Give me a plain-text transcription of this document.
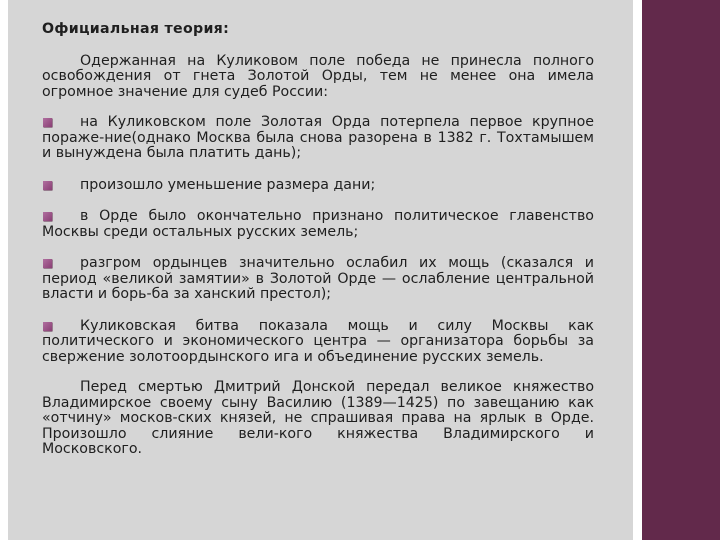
Официальная теория:

Одержанная на Куликовом поле победа не принесла полного освобождения от гнета Золотой Орды, тем не менее она имела огромное значение для судеб России:

на Куликовском поле Золотая Орда потерпела первое крупное пораже-ние(однако Москва была снова разорена в 1382 г. Тохтамышем и вынуждена была платить дань);
произошло уменьшение размера дани;
в Орде было окончательно признано политическое главенство Москвы среди остальных русских земель;
разгром ордынцев значительно ослабил их мощь (сказался и период «великой замятии» в Золотой Орде — ослабление центральной власти и борь-ба за ханский престол);
Куликовская битва показала мощь и силу Москвы как политического и экономического центра — организатора борьбы за свержение золотоордынского ига и объединение русских земель.

Перед смертью Дмитрий Донской передал великое княжество Владимирское своему сыну Василию (1389—1425) по завещанию как «отчину» москов-ских князей, не спрашивая права на ярлык в Орде. Произошло слияние вели-кого княжества Владимирского и Московского.
